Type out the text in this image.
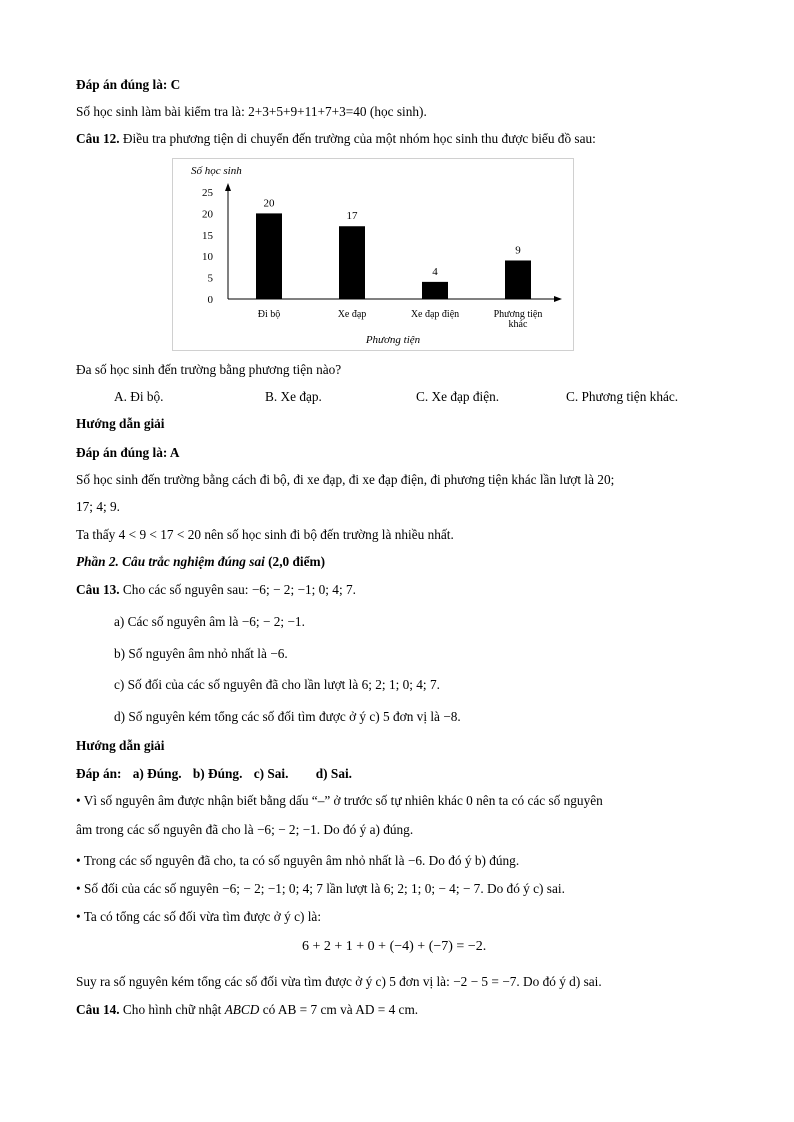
Đáp án đúng là: C
Số học sinh làm bài kiểm tra là: 2+3+5+9+11+7+3=40 (học sinh).
Câu 12. Điều tra phương tiện di chuyển đến trường của một nhóm học sinh thu được biểu đồ sau:
Số học sinh
Phương tiện
0
5
10
15
20
25
20
Đi bộ
17
Xe đạp
4
Xe đạp điện
9
Phương tiện
khác
Đa số học sinh đến trường bằng phương tiện nào?
A. Đi bộ.	B. Xe đạp.	C. Xe đạp điện.	C. Phương tiện khác.
Hướng dẫn giải
Đáp án đúng là: A
Số học sinh đến trường bằng cách đi bộ, đi xe đạp, đi xe đạp điện, đi phương tiện khác lần lượt là 20;
17; 4; 9.
Ta thấy 4 < 9 < 17 < 20 nên số học sinh đi bộ đến trường là nhiều nhất.
Phần 2. Câu trắc nghiệm đúng sai (2,0 điểm)
Câu 13. Cho các số nguyên sau: −6; − 2; −1; 0; 4; 7.
a) Các số nguyên âm là −6; − 2; −1.
b) Số nguyên âm nhỏ nhất là −6.
c) Số đối của các số nguyên đã cho lần lượt là 6; 2; 1; 0; 4; 7.
d) Số nguyên kém tổng các số đối tìm được ở ý c) 5 đơn vị là −8.
Hướng dẫn giải
Đáp án: a) Đúng. b) Đúng. c) Sai. d) Sai.
• Vì số nguyên âm được nhận biết bằng dấu “–” ở trước số tự nhiên khác 0 nên ta có các số nguyên
âm trong các số nguyên đã cho là −6; − 2; −1. Do đó ý a) đúng.
• Trong các số nguyên đã cho, ta có số nguyên âm nhỏ nhất là −6. Do đó ý b) đúng.
• Số đối của các số nguyên −6; − 2; −1; 0; 4; 7 lần lượt là 6; 2; 1; 0; − 4; − 7. Do đó ý c) sai.
• Ta có tổng các số đối vừa tìm được ở ý c) là:
6 + 2 + 1 + 0 + (−4) + (−7) = −2.
Suy ra số nguyên kém tổng các số đối vừa tìm được ở ý c) 5 đơn vị là: −2 − 5 = −7. Do đó ý d) sai.
Câu 14. Cho hình chữ nhật ABCD có AB = 7 cm và AD = 4 cm.
